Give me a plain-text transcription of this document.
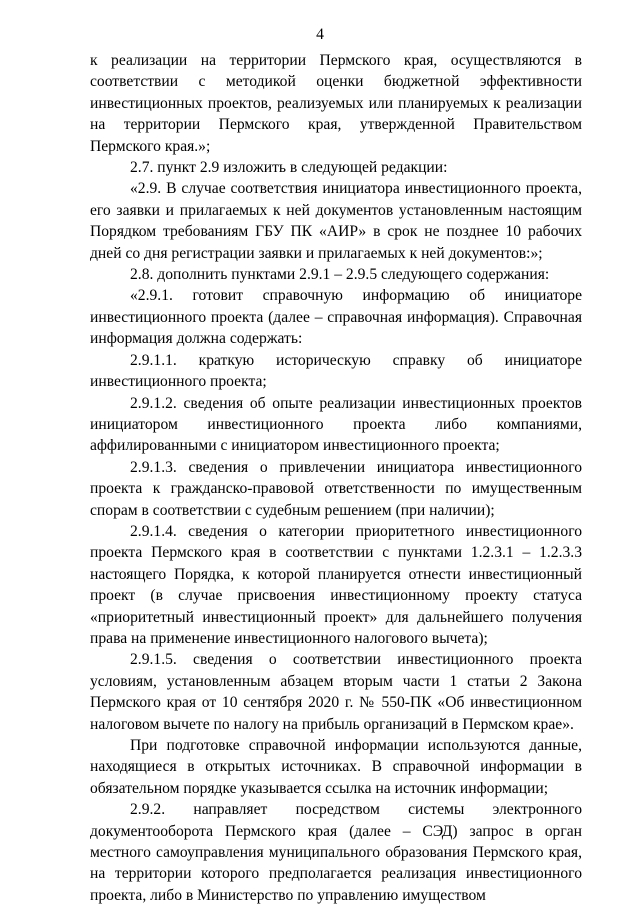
4

к реализации на территории Пермского края, осуществляются в соответствии с методикой оценки бюджетной эффективности инвестиционных проектов, реализуемых или планируемых к реализации на территории Пермского края, утвержденной Правительством Пермского края.»;

2.7. пункт 2.9 изложить в следующей редакции:

«2.9. В случае соответствия инициатора инвестиционного проекта, его заявки и прилагаемых к ней документов установленным настоящим Порядком требованиям ГБУ ПК «АИР» в срок не позднее 10 рабочих дней со дня регистрации заявки и прилагаемых к ней документов:»;

2.8. дополнить пунктами 2.9.1 – 2.9.5 следующего содержания:

«2.9.1. готовит справочную информацию об инициаторе инвестиционного проекта (далее – справочная информация). Справочная информация должна содержать:

2.9.1.1. краткую историческую справку об инициаторе инвестиционного проекта;

2.9.1.2. сведения об опыте реализации инвестиционных проектов инициатором инвестиционного проекта либо компаниями, аффилированными с инициатором инвестиционного проекта;

2.9.1.3. сведения о привлечении инициатора инвестиционного проекта к гражданско-правовой ответственности по имущественным спорам в соответствии с судебным решением (при наличии);

2.9.1.4. сведения о категории приоритетного инвестиционного проекта Пермского края в соответствии с пунктами 1.2.3.1 – 1.2.3.3 настоящего Порядка, к которой планируется отнести инвестиционный проект (в случае присвоения инвестиционному проекту статуса «приоритетный инвестиционный проект» для дальнейшего получения права на применение инвестиционного налогового вычета);

2.9.1.5. сведения о соответствии инвестиционного проекта условиям, установленным абзацем вторым части 1 статьи 2 Закона Пермского края от 10 сентября 2020 г. № 550-ПК «Об инвестиционном налоговом вычете по налогу на прибыль организаций в Пермском крае».

При подготовке справочной информации используются данные, находящиеся в открытых источниках. В справочной информации в обязательном порядке указывается ссылка на источник информации;

2.9.2. направляет посредством системы электронного документооборота Пермского края (далее – СЭД) запрос в орган местного самоуправления муниципального образования Пермского края, на территории которого предполагается реализация инвестиционного проекта, либо в Министерство по управлению имуществом
